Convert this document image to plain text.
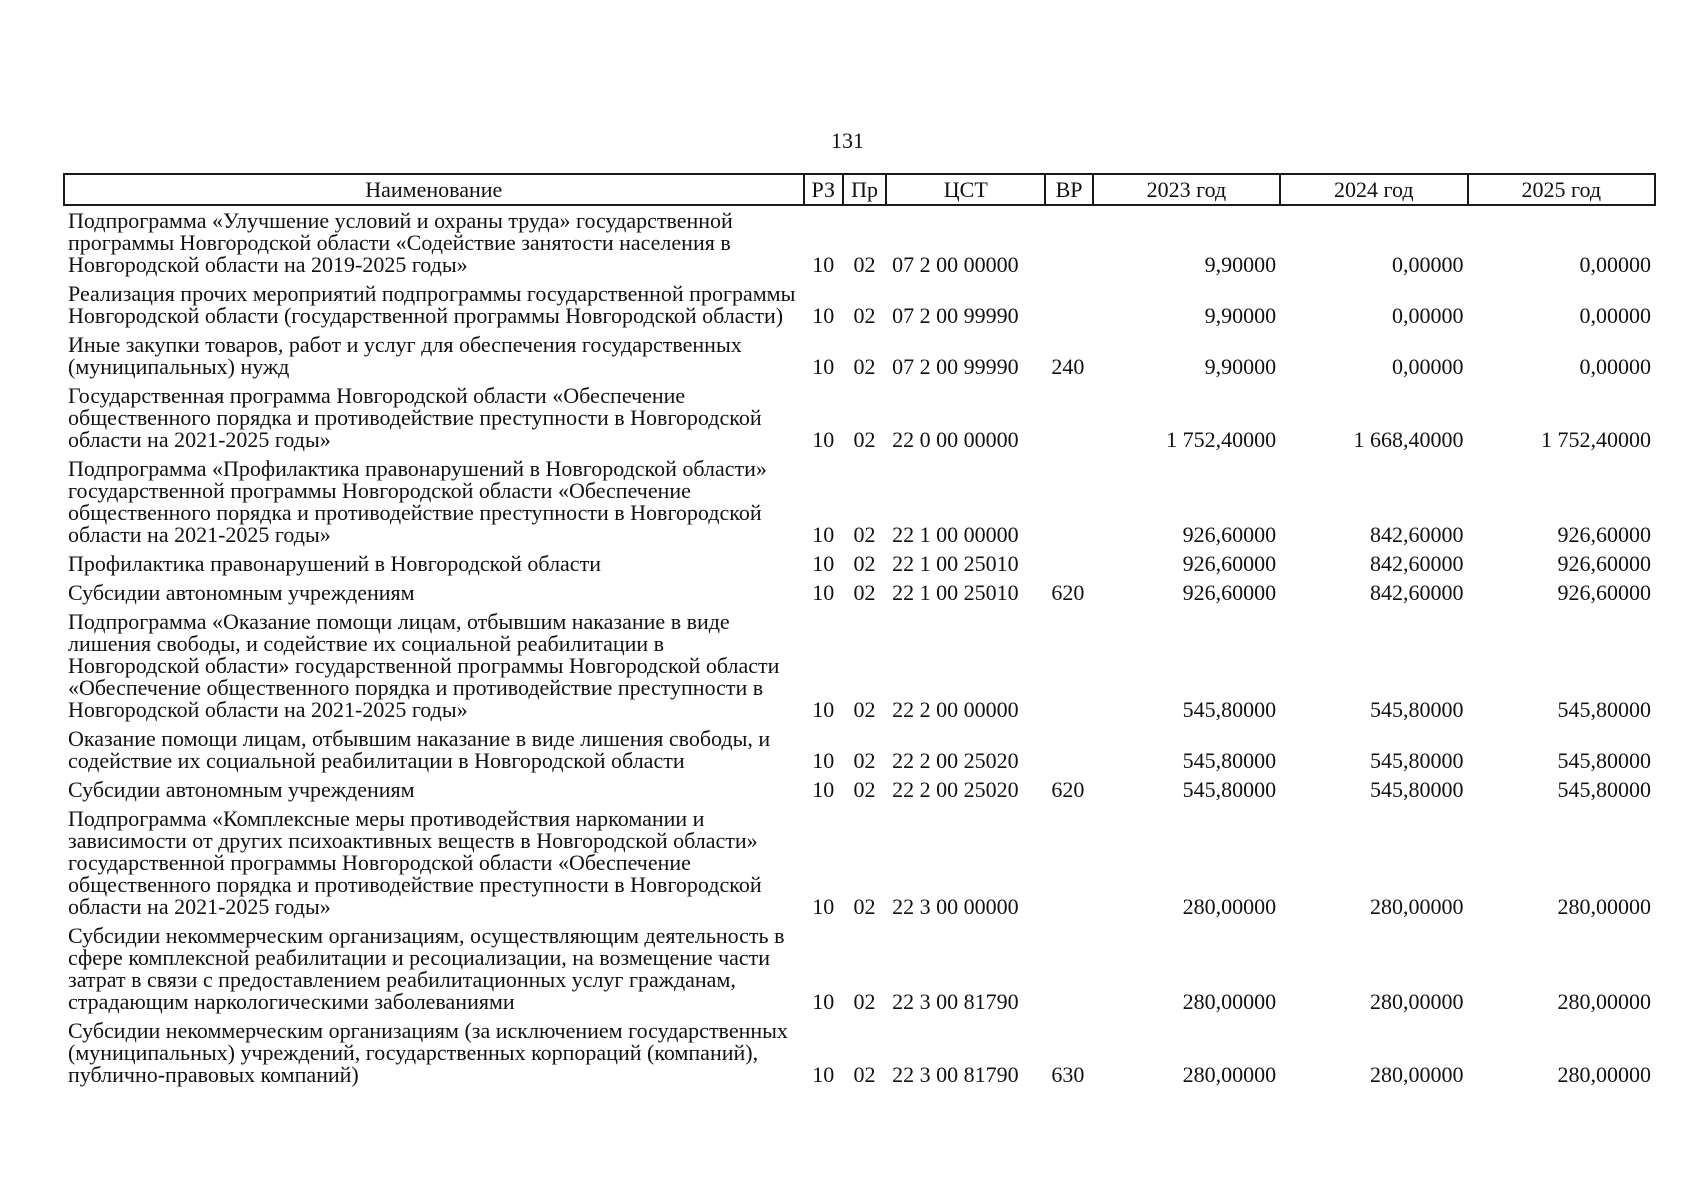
131
Наименование	РЗ	Пр	ЦСТ	ВР	2023 год	2024 год	2025 год
Подпрограмма «Улучшение условий и охраны труда» государственной программы Новгородской области «Содействие занятости населения в Новгородской области на 2019-2025 годы»	10	02	07 2 00 00000		9,90000	0,00000	0,00000
Реализация прочих мероприятий подпрограммы государственной программы Новгородской области (государственной программы Новгородской области)	10	02	07 2 00 99990		9,90000	0,00000	0,00000
Иные закупки товаров, работ и услуг для обеспечения государственных (муниципальных) нужд	10	02	07 2 00 99990	240	9,90000	0,00000	0,00000
Государственная программа Новгородской области «Обеспечение общественного порядка и противодействие преступности в Новгородской области на 2021-2025 годы»	10	02	22 0 00 00000		1 752,40000	1 668,40000	1 752,40000
Подпрограмма «Профилактика правонарушений в Новгородской области» государственной программы Новгородской области «Обеспечение общественного порядка и противодействие преступности в Новгородской области на 2021-2025 годы»	10	02	22 1 00 00000		926,60000	842,60000	926,60000
Профилактика правонарушений в Новгородской области	10	02	22 1 00 25010		926,60000	842,60000	926,60000
Субсидии автономным учреждениям	10	02	22 1 00 25010	620	926,60000	842,60000	926,60000
Подпрограмма «Оказание помощи лицам, отбывшим наказание в виде лишения свободы, и содействие их социальной реабилитации в Новгородской области» государственной программы Новгородской области «Обеспечение общественного порядка и противодействие преступности в Новгородской области на 2021-2025 годы»	10	02	22 2 00 00000		545,80000	545,80000	545,80000
Оказание помощи лицам, отбывшим наказание в виде лишения свободы, и содействие их социальной реабилитации в Новгородской области	10	02	22 2 00 25020		545,80000	545,80000	545,80000
Субсидии автономным учреждениям	10	02	22 2 00 25020	620	545,80000	545,80000	545,80000
Подпрограмма «Комплексные меры противодействия наркомании и зависимости от других психоактивных веществ в Новгородской области» государственной программы Новгородской области «Обеспечение общественного порядка и противодействие преступности в Новгородской области на 2021-2025 годы»	10	02	22 3 00 00000		280,00000	280,00000	280,00000
Субсидии некоммерческим организациям, осуществляющим деятельность в сфере комплексной реабилитации и ресоциализации, на возмещение части затрат в связи с предоставлением реабилитационных услуг гражданам, страдающим наркологическими заболеваниями	10	02	22 3 00 81790		280,00000	280,00000	280,00000
Субсидии некоммерческим организациям (за исключением государственных (муниципальных) учреждений, государственных корпораций (компаний), публично-правовых компаний)	10	02	22 3 00 81790	630	280,00000	280,00000	280,00000
